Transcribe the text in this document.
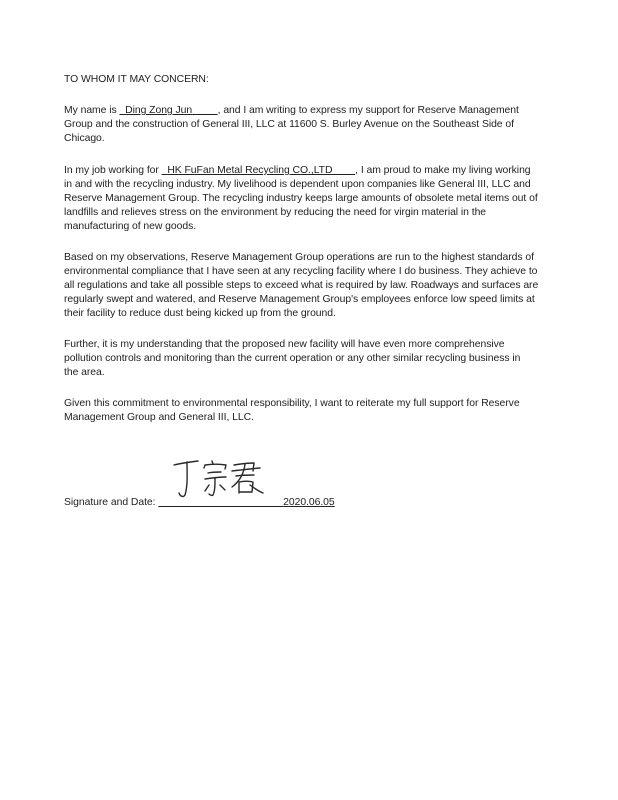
TO WHOM IT MAY CONCERN:
My name is   Ding Zong Jun , and I am writing to express my support for Reserve Management
Group and the construction of General III, LLC at 11600 S. Burley Avenue on the Southeast Side of
Chicago.
In my job working for   HK FuFan Metal Recycling CO.,LTD , I am proud to make my living working
in and with the recycling industry. My livelihood is dependent upon companies like General III, LLC and
Reserve Management Group. The recycling industry keeps large amounts of obsolete metal items out of
landfills and relieves stress on the environment by reducing the need for virgin material in the
manufacturing of new goods.
Based on my observations, Reserve Management Group operations are run to the highest standards of
environmental compliance that I have seen at any recycling facility where I do business. They achieve to
all regulations and take all possible steps to exceed what is required by law. Roadways and surfaces are
regularly swept and watered, and Reserve Management Group's employees enforce low speed limits at
their facility to reduce dust being kicked up from the ground.
Further, it is my understanding that the proposed new facility will have even more comprehensive
pollution controls and monitoring than the current operation or any other similar recycling business in
the area.
Given this commitment to environmental responsibility, I want to reiterate my full support for Reserve
Management Group and General III, LLC.
Signature and Date:	2020.06.05
